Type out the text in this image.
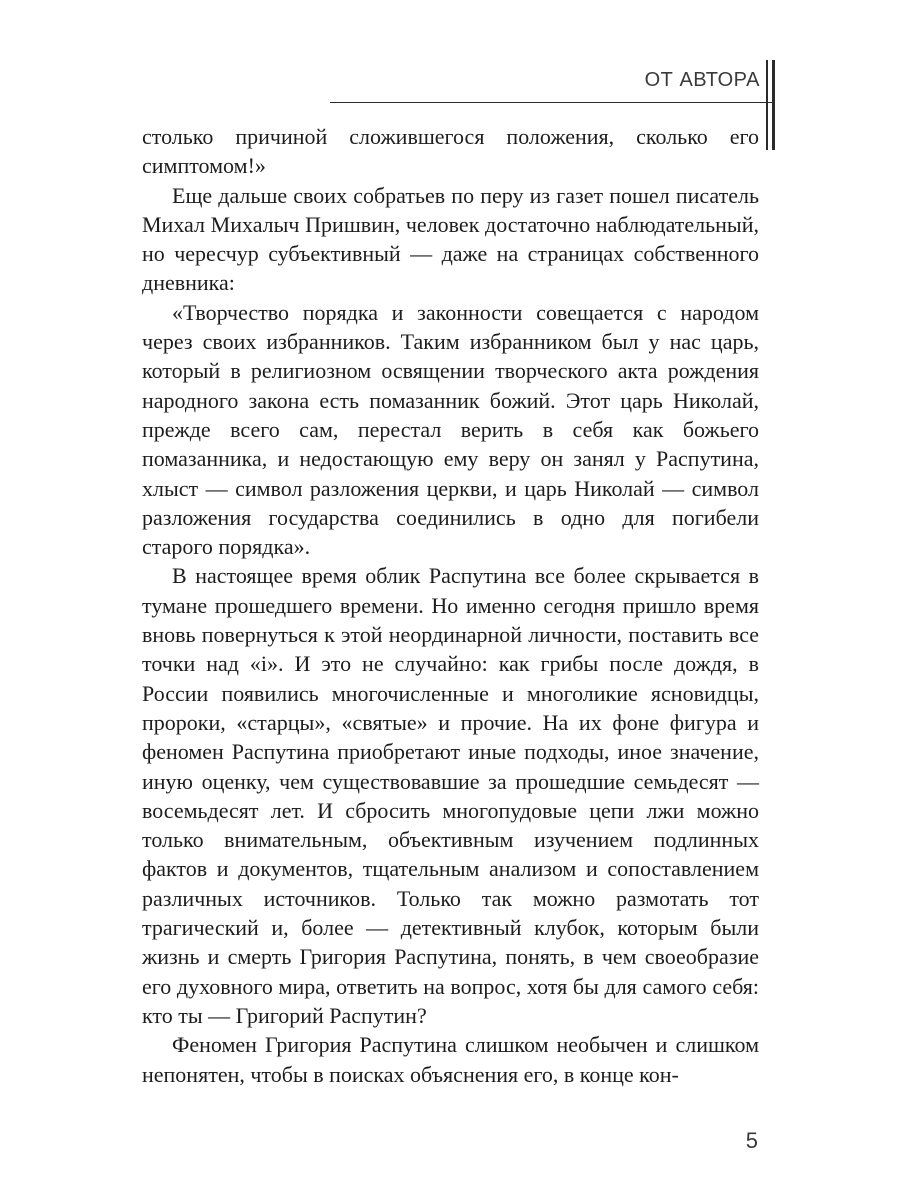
ОТ АВТОРА

столько причиной сложившегося положения, сколько его симптомом!»

Еще дальше своих собратьев по перу из газет пошел писатель Михал Михалыч Пришвин, человек достаточно наблюдательный, но чересчур субъективный — даже на страницах собственного дневника:

«Творчество порядка и законности совещается с народом через своих избранников. Таким избранником был у нас царь, который в религиозном освящении творческого акта рождения народного закона есть помазанник божий. Этот царь Николай, прежде всего сам, перестал верить в себя как божьего помазанника, и недостающую ему веру он занял у Распутина, хлыст — символ разложения церкви, и царь Николай — символ разложения государства соединились в одно для погибели старого порядка».

В настоящее время облик Распутина все более скрывается в тумане прошедшего времени. Но именно сегодня пришло время вновь повернуться к этой неординарной личности, поставить все точки над «i». И это не случайно: как грибы после дождя, в России появились многочисленные и многоликие ясновидцы, пророки, «старцы», «святые» и прочие. На их фоне фигура и феномен Распутина приобретают иные подходы, иное значение, иную оценку, чем существовавшие за прошедшие семьдесят — восемьдесят лет. И сбросить многопудовые цепи лжи можно только внимательным, объективным изучением подлинных фактов и документов, тщательным анализом и сопоставлением различных источников. Только так можно размотать тот трагический и, более — детективный клубок, которым были жизнь и смерть Григория Распутина, понять, в чем своеобразие его духовного мира, ответить на вопрос, хотя бы для самого себя: кто ты — Григорий Распутин?

Феномен Григория Распутина слишком необычен и слишком непонятен, чтобы в поисках объяснения его, в конце кон-

5
